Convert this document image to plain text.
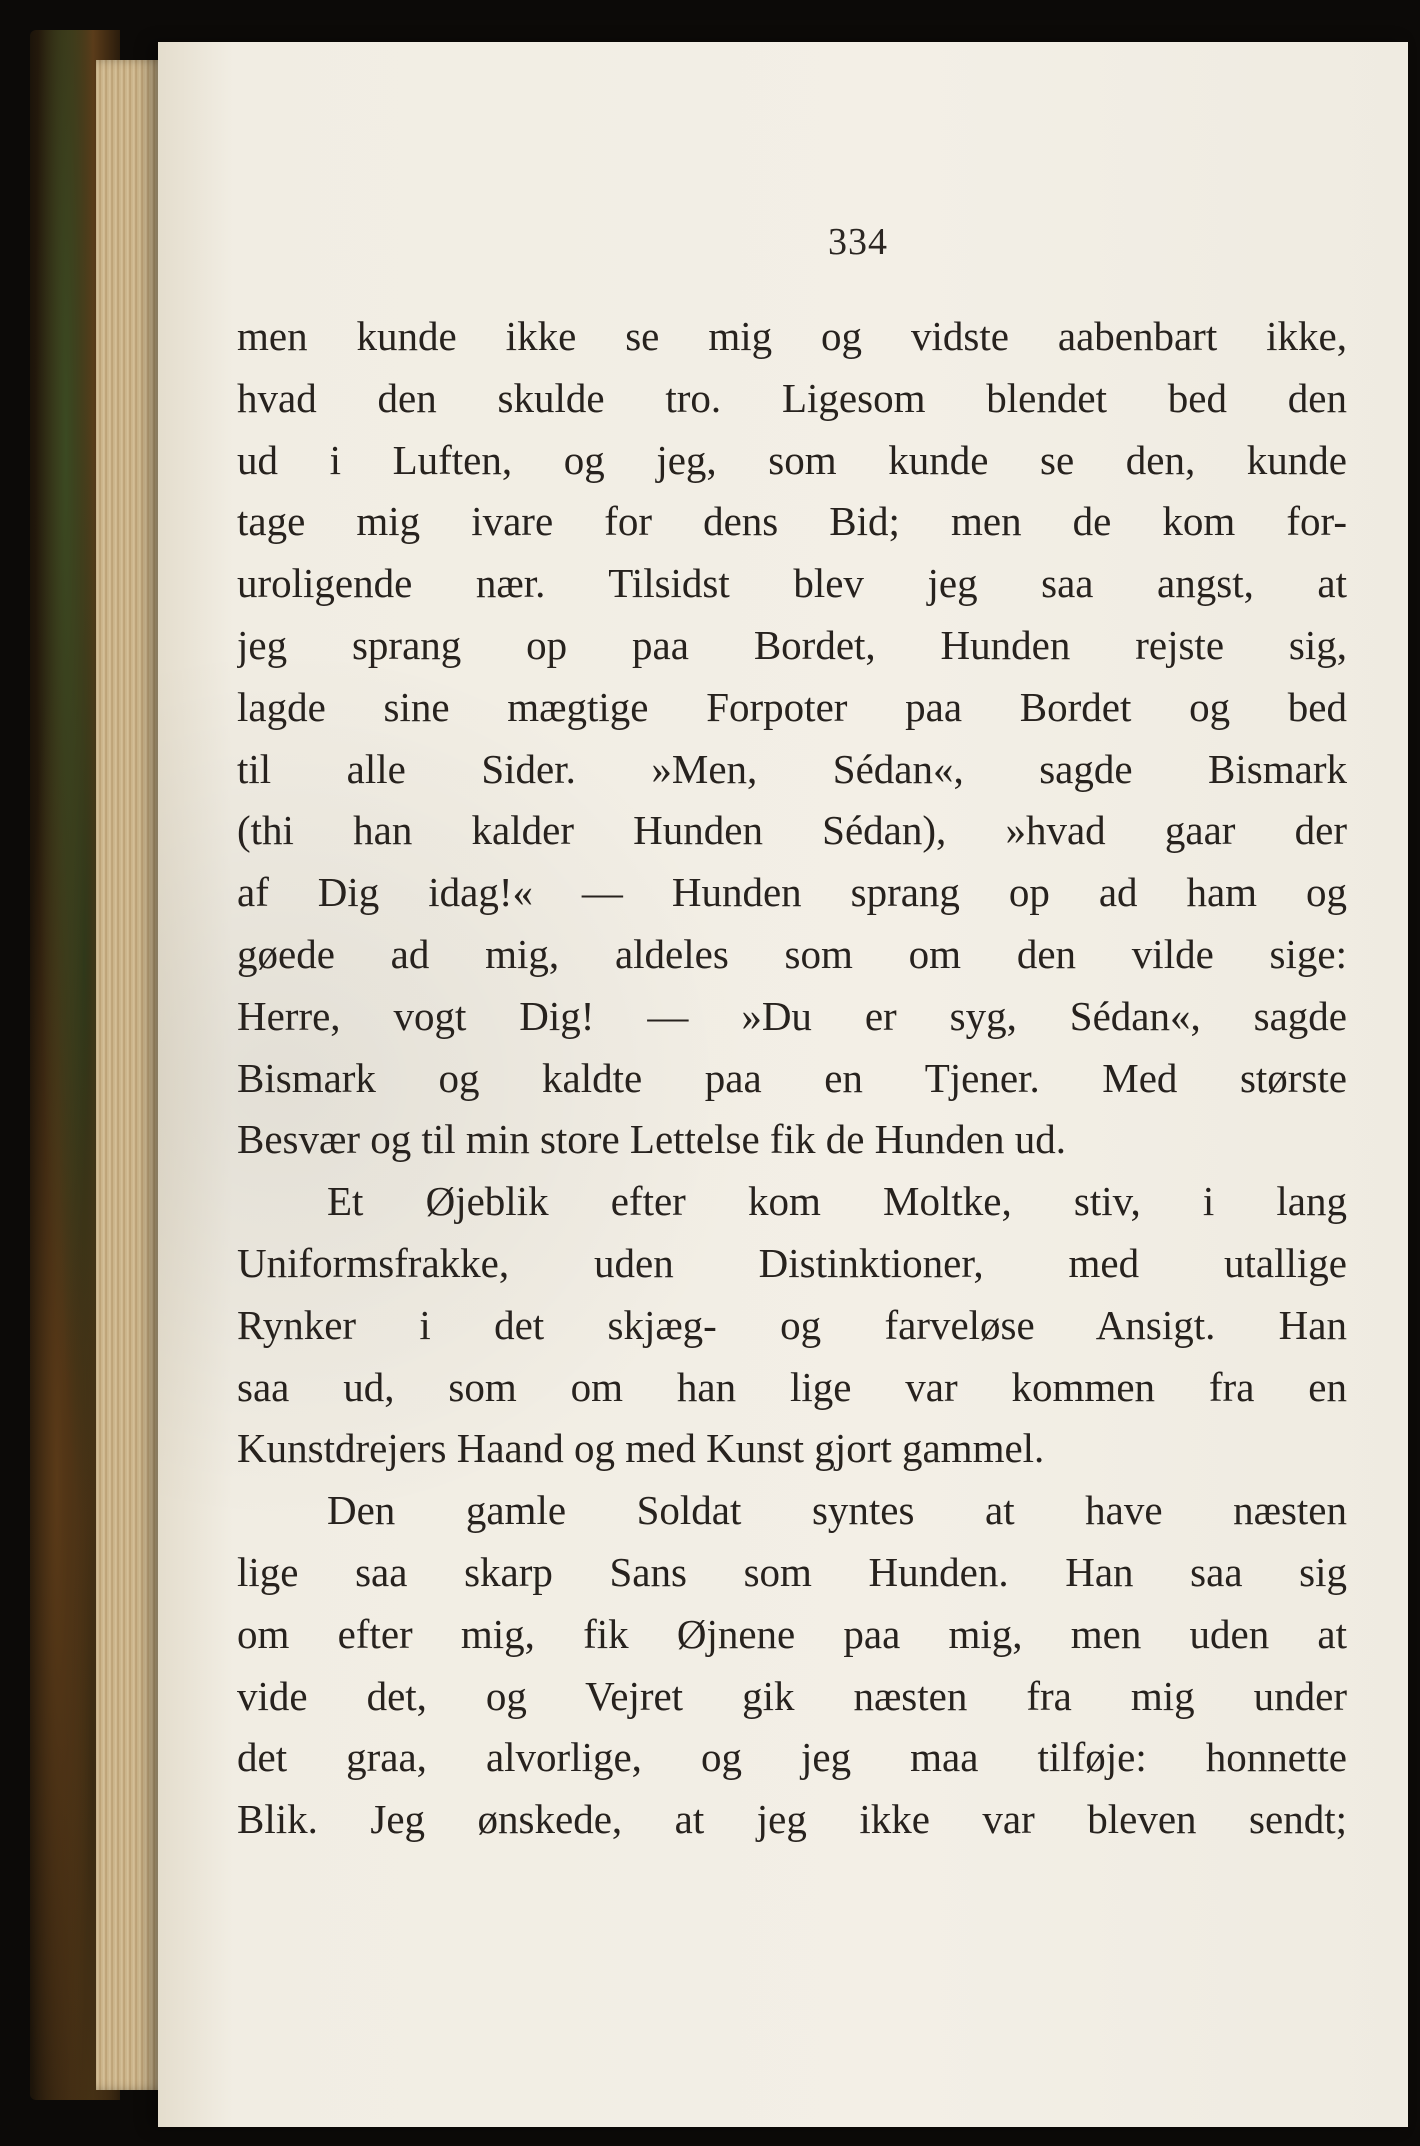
334
men kunde ikke se mig og vidste aabenbart ikke,
hvad den skulde tro. Ligesom blendet bed den
ud i Luften, og jeg, som kunde se den, kunde
tage mig ivare for dens Bid; men de kom for-
uroligende nær. Tilsidst blev jeg saa angst, at
jeg sprang op paa Bordet, Hunden rejste sig,
lagde sine mægtige Forpoter paa Bordet og bed
til alle Sider. »Men, Sédan«, sagde Bismark
(thi han kalder Hunden Sédan), »hvad gaar der
af Dig idag!« — Hunden sprang op ad ham og
gøede ad mig, aldeles som om den vilde sige:
Herre, vogt Dig! — »Du er syg, Sédan«, sagde
Bismark og kaldte paa en Tjener. Med største
Besvær og til min store Lettelse fik de Hunden ud.
Et Øjeblik efter kom Moltke, stiv, i lang
Uniformsfrakke, uden Distinktioner, med utallige
Rynker i det skjæg- og farveløse Ansigt. Han
saa ud, som om han lige var kommen fra en
Kunstdrejers Haand og med Kunst gjort gammel.
Den gamle Soldat syntes at have næsten
lige saa skarp Sans som Hunden. Han saa sig
om efter mig, fik Øjnene paa mig, men uden at
vide det, og Vejret gik næsten fra mig under
det graa, alvorlige, og jeg maa tilføje: honnette
Blik. Jeg ønskede, at jeg ikke var bleven sendt;
